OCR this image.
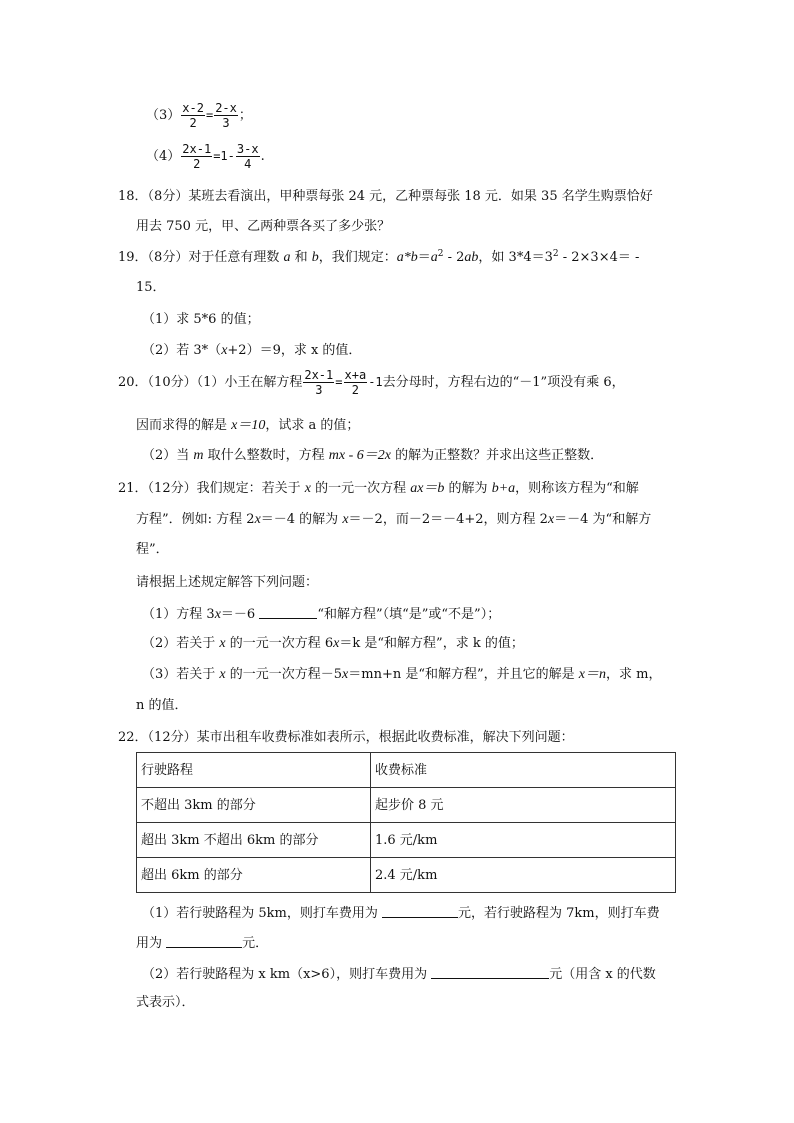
$(3) \frac{x-2}{2} = \frac{2-x}{3}$ ；
$(4) \frac{2x-1}{2} =1- \frac{3-x}{4}$ .
18．（8分）某班去看演出，甲种票每张 24 元，乙种票每张 18 元．如果 35 名学生购票恰好
用去 750 元，甲、乙两种票各买了多少张？
19．（8分）对于任意有理数 a 和 b，我们规定：$a*b=a^2 - 2ab$，如 $3*4=3^2 - 2\times 3\times 4=$ -
15．
（1）求 5*6 的值；
（2）若 3*（x+2）＝9，求 x 的值．
20．（10分）（1）小王在解方程 $\frac{2x-1}{3} = \frac{x+a}{2} -1$去分母时，方程右边的“－1”项没有乘 6，
因而求得的解是 x＝10，试求 a 的值；
（2）当 m 取什么整数时，方程 mx - 6＝2x 的解为正整数？并求出这些正整数．
21．（12分）我们规定：若关于 x 的一元一次方程 ax＝b 的解为 b+a，则称该方程为“和解
方程”．例如: 方程 2x＝－4 的解为 x＝－2，而－2＝－4+2，则方程 2x＝－4 为“和解方
程”．
请根据上述规定解答下列问题：
（1）方程 3x＝－6	“和解方程”（填“是”或“不是”）；
（2）若关于 x 的一元一次方程 6x＝k 是“和解方程”，求 k 的值；
（3）若关于 x 的一元一次方程－5x＝mn+n 是“和解方程”，并且它的解是 x＝n，求 m，
n 的值．
22．（12分）某市出租车收费标准如表所示，根据此收费标准，解决下列问题：
行驶路程	收费标准
不超出 3km 的部分	起步价 8 元
超出 3km 不超出 6km 的部分	1.6 元/km
超出 6km 的部分	2.4 元/km
（1）若行驶路程为 5km，则打车费用为	元，若行驶路程为 7km，则打车费
用为	元．
（2）若行驶路程为 x km（x>6），则打车费用为	元（用含 x 的代数
式表示）．
